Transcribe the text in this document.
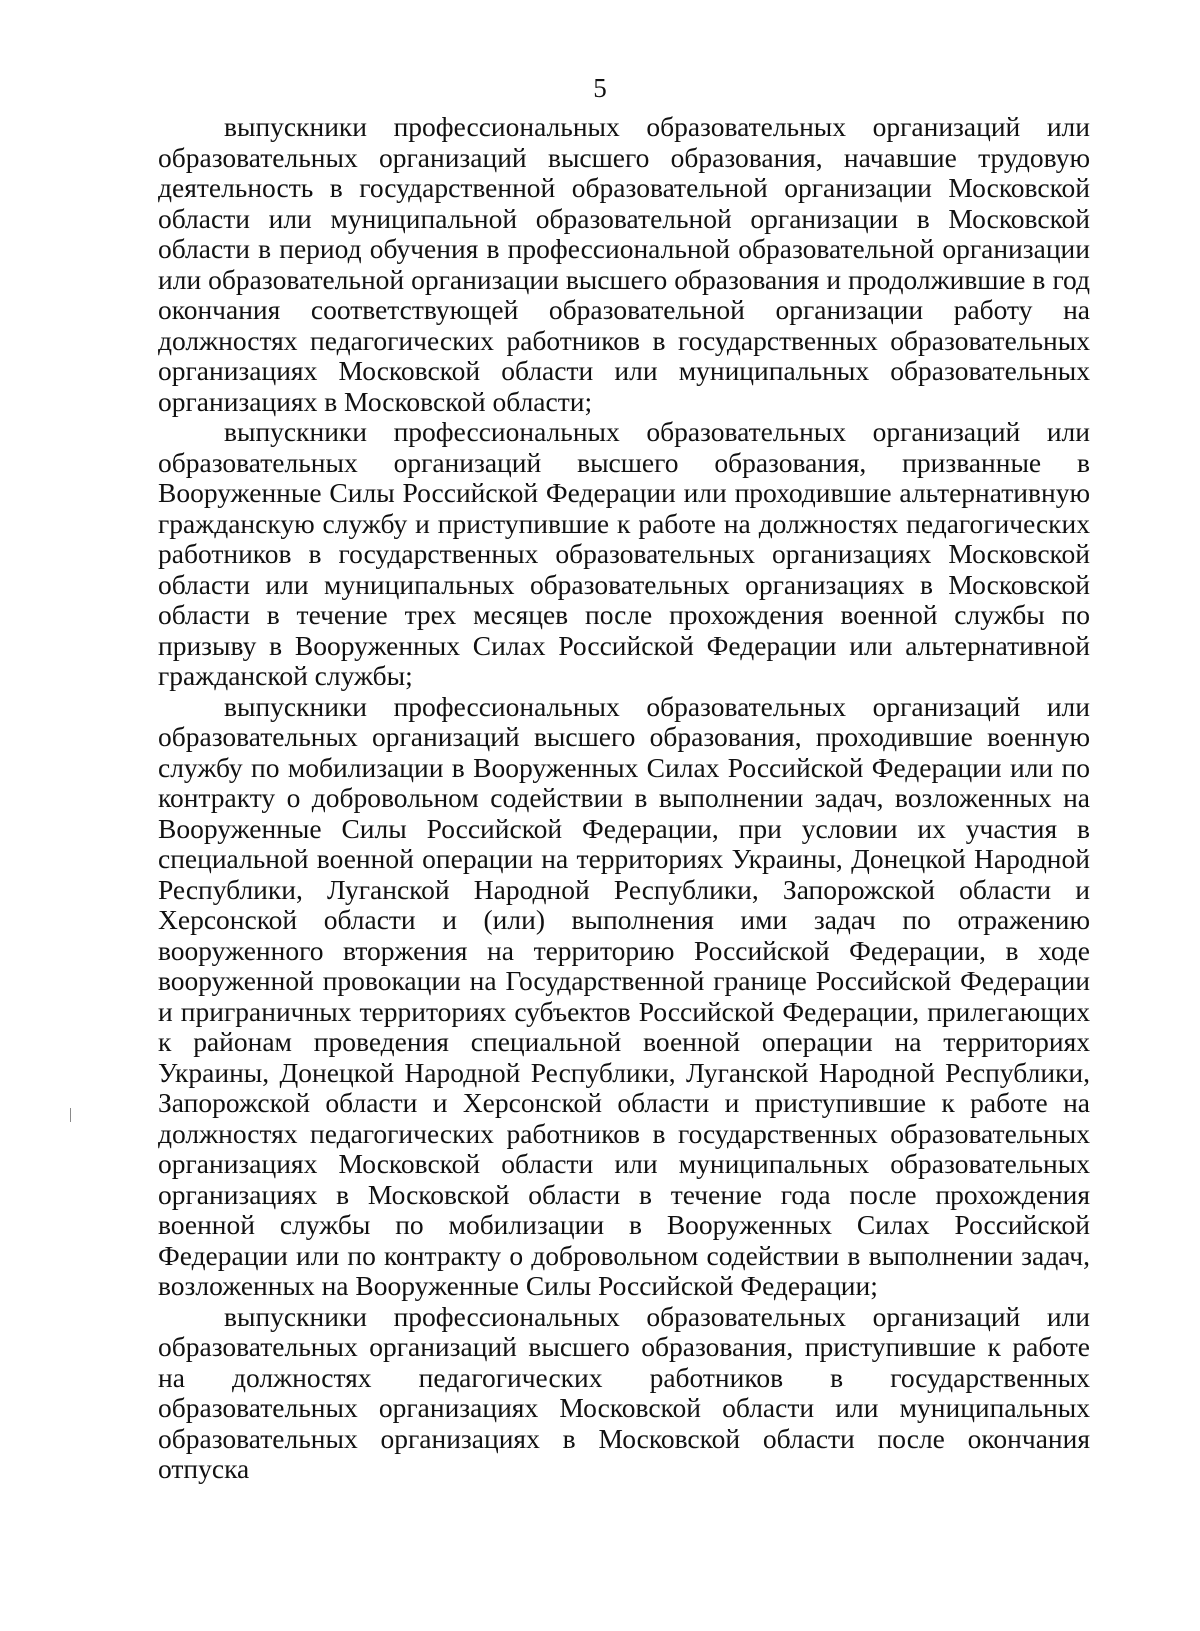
5

выпускники профессиональных образовательных организаций или образовательных организаций высшего образования, начавшие трудовую деятельность в государственной образовательной организации Московской области или муниципальной образовательной организации в Московской области в период обучения в профессиональной образовательной организации или образовательной организации высшего образования и продолжившие в год окончания соответствующей образовательной организации работу на должностях педагогических работников в государственных образовательных организациях Московской области или муниципальных образовательных организациях в Московской области;

выпускники профессиональных образовательных организаций или образовательных организаций высшего образования, призванные в Вооруженные Силы Российской Федерации или проходившие альтернативную гражданскую службу и приступившие к работе на должностях педагогических работников в государственных образовательных организациях Московской области или муниципальных образовательных организациях в Московской области в течение трех месяцев после прохождения военной службы по призыву в Вооруженных Силах Российской Федерации или альтернативной гражданской службы;

выпускники профессиональных образовательных организаций или образовательных организаций высшего образования, проходившие военную службу по мобилизации в Вооруженных Силах Российской Федерации или по контракту о добровольном содействии в выполнении задач, возложенных на Вооруженные Силы Российской Федерации, при условии их участия в специальной военной операции на территориях Украины, Донецкой Народной Республики, Луганской Народной Республики, Запорожской области и Херсонской области и (или) выполнения ими задач по отражению вооруженного вторжения на территорию Российской Федерации, в ходе вооруженной провокации на Государственной границе Российской Федерации и приграничных территориях субъектов Российской Федерации, прилегающих к районам проведения специальной военной операции на территориях Украины, Донецкой Народной Республики, Луганской Народной Республики, Запорожской области и Херсонской области и приступившие к работе на должностях педагогических работников в государственных образовательных организациях Московской области или муниципальных образовательных организациях в Московской области в течение года после прохождения военной службы по мобилизации в Вооруженных Силах Российской Федерации или по контракту о добровольном содействии в выполнении задач, возложенных на Вооруженные Силы Российской Федерации;

выпускники профессиональных образовательных организаций или образовательных организаций высшего образования, приступившие к работе на должностях педагогических работников в государственных образовательных организациях Московской области или муниципальных образовательных организациях в Московской области после окончания отпуска
